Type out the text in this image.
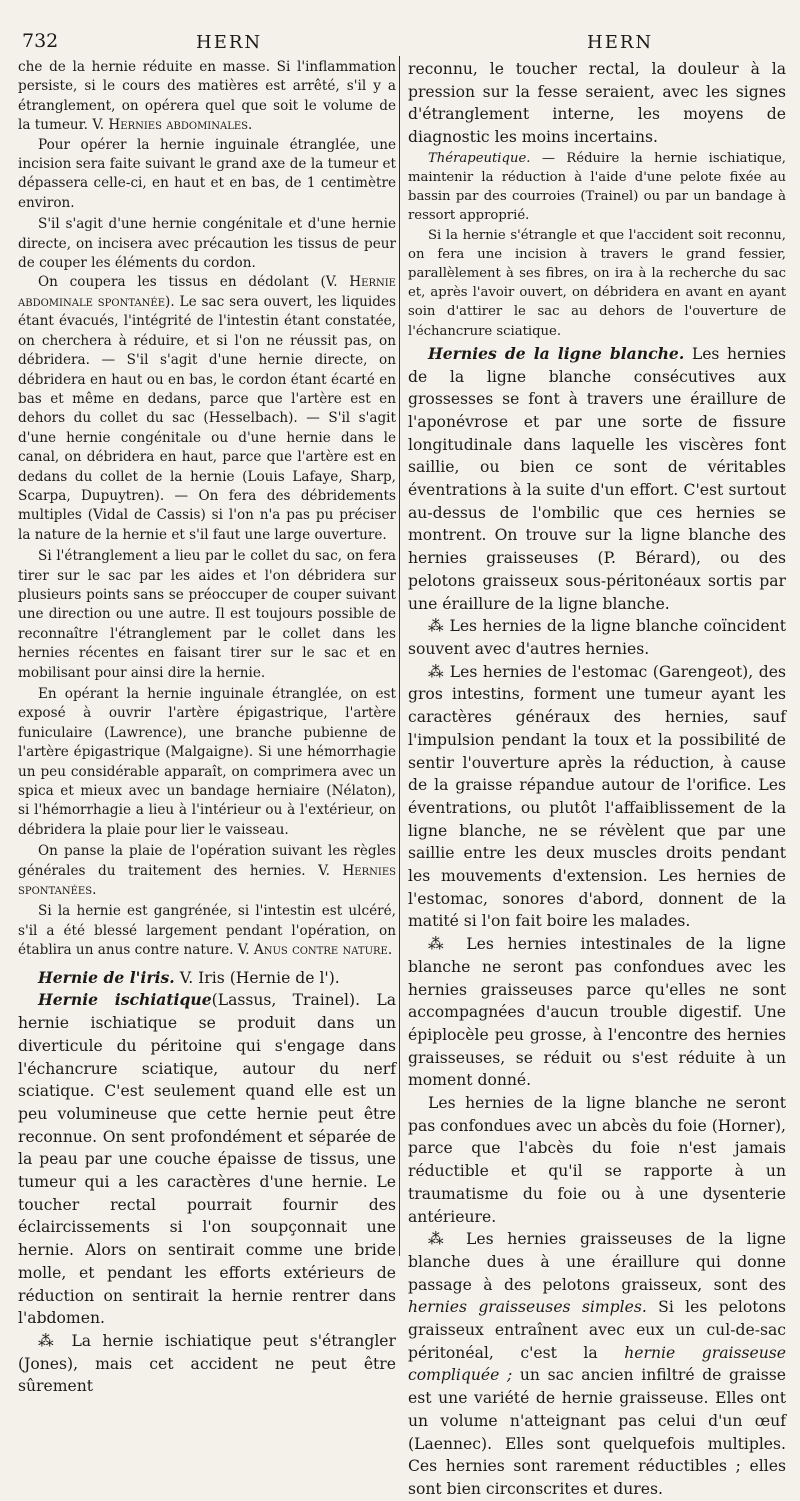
732	HERN	HERN

che de la hernie réduite en masse. Si l'inflammation persiste, si le cours des matières est arrêté, s'il y a étranglement, on opérera quel que soit le volume de la tumeur. V. Hernies abdominales.

Pour opérer la hernie inguinale étranglée, une incision sera faite suivant le grand axe de la tumeur et dépassera celle-ci, en haut et en bas, de 1 centimètre environ.

S'il s'agit d'une hernie congénitale et d'une hernie directe, on incisera avec précaution les tissus de peur de couper les éléments du cordon.

On coupera les tissus en dédolant (V. Hernie abdominale spontanée). Le sac sera ouvert, les liquides étant évacués, l'intégrité de l'intestin étant constatée, on cherchera à réduire, et si l'on ne réussit pas, on débridera. — S'il s'agit d'une hernie directe, on débridera en haut ou en bas, le cordon étant écarté en bas et même en dedans, parce que l'artère est en dehors du collet du sac (Hesselbach). — S'il s'agit d'une hernie congénitale ou d'une hernie dans le canal, on débridera en haut, parce que l'artère est en dedans du collet de la hernie (Louis Lafaye, Sharp, Scarpa, Dupuytren). — On fera des débridements multiples (Vidal de Cassis) si l'on n'a pas pu préciser la nature de la hernie et s'il faut une large ouverture.

Si l'étranglement a lieu par le collet du sac, on fera tirer sur le sac par les aides et l'on débridera sur plusieurs points sans se préoccuper de couper suivant une direction ou une autre. Il est toujours possible de reconnaître l'étranglement par le collet dans les hernies récentes en faisant tirer sur le sac et en mobilisant pour ainsi dire la hernie.

En opérant la hernie inguinale étranglée, on est exposé à ouvrir l'artère épigastrique, l'artère funiculaire (Lawrence), une branche pubienne de l'artère épigastrique (Malgaigne). Si une hémorrhagie un peu considérable apparaît, on comprimera avec un spica et mieux avec un bandage herniaire (Nélaton), si l'hémorrhagie a lieu à l'intérieur ou à l'extérieur, on débridera la plaie pour lier le vaisseau.

On panse la plaie de l'opération suivant les règles générales du traitement des hernies. V. Hernies spontanées.

Si la hernie est gangrénée, si l'intestin est ulcéré, s'il a été blessé largement pendant l'opération, on établira un anus contre nature. V. Anus contre nature.

Hernie de l'iris. V. Iris (Hernie de l').

Hernie ischiatique(Lassus, Trainel). La hernie ischiatique se produit dans un diverticule du péritoine qui s'engage dans l'échancrure sciatique, autour du nerf sciatique. C'est seulement quand elle est un peu volumineuse que cette hernie peut être reconnue. On sent profondément et séparée de la peau par une couche épaisse de tissus, une tumeur qui a les caractères d'une hernie. Le toucher rectal pourrait fournir des éclaircissements si l'on soupçonnait une hernie. Alors on sentirait comme une bride molle, et pendant les efforts extérieurs de réduction on sentirait la hernie rentrer dans l'abdomen.

⁂ La hernie ischiatique peut s'étrangler (Jones), mais cet accident ne peut être sûrement

reconnu, le toucher rectal, la douleur à la pression sur la fesse seraient, avec les signes d'étranglement interne, les moyens de diagnostic les moins incertains.

Thérapeutique. — Réduire la hernie ischiatique, maintenir la réduction à l'aide d'une pelote fixée au bassin par des courroies (Trainel) ou par un bandage à ressort approprié.

Si la hernie s'étrangle et que l'accident soit reconnu, on fera une incision à travers le grand fessier, parallèlement à ses fibres, on ira à la recherche du sac et, après l'avoir ouvert, on débridera en avant en ayant soin d'attirer le sac au dehors de l'ouverture de l'échancrure sciatique.

Hernies de la ligne blanche. Les hernies de la ligne blanche consécutives aux grossesses se font à travers une éraillure de l'aponévrose et par une sorte de fissure longitudinale dans laquelle les viscères font saillie, ou bien ce sont de véritables éventrations à la suite d'un effort. C'est surtout au-dessus de l'ombilic que ces hernies se montrent. On trouve sur la ligne blanche des hernies graisseuses (P. Bérard), ou des pelotons graisseux sous-péritonéaux sortis par une éraillure de la ligne blanche.

⁂ Les hernies de la ligne blanche coïncident souvent avec d'autres hernies.

⁂ Les hernies de l'estomac (Garengeot), des gros intestins, forment une tumeur ayant les caractères généraux des hernies, sauf l'impulsion pendant la toux et la possibilité de sentir l'ouverture après la réduction, à cause de la graisse répandue autour de l'orifice. Les éventrations, ou plutôt l'affaiblissement de la ligne blanche, ne se révèlent que par une saillie entre les deux muscles droits pendant les mouvements d'extension. Les hernies de l'estomac, sonores d'abord, donnent de la matité si l'on fait boire les malades.

⁂ Les hernies intestinales de la ligne blanche ne seront pas confondues avec les hernies graisseuses parce qu'elles ne sont accompagnées d'aucun trouble digestif. Une épiplocèle peu grosse, à l'encontre des hernies graisseuses, se réduit ou s'est réduite à un moment donné.

Les hernies de la ligne blanche ne seront pas confondues avec un abcès du foie (Horner), parce que l'abcès du foie n'est jamais réductible et qu'il se rapporte à un traumatisme du foie ou à une dysenterie antérieure.

⁂ Les hernies graisseuses de la ligne blanche dues à une éraillure qui donne passage à des pelotons graisseux, sont des hernies graisseuses simples. Si les pelotons graisseux entraînent avec eux un cul-de-sac péritonéal, c'est la hernie graisseuse compliquée ; un sac ancien infiltré de graisse est une variété de hernie graisseuse. Elles ont un volume n'atteignant pas celui d'un œuf (Laennec). Elles sont quelquefois multiples. Ces hernies sont rarement réductibles ; elles sont bien circonscrites et dures.
